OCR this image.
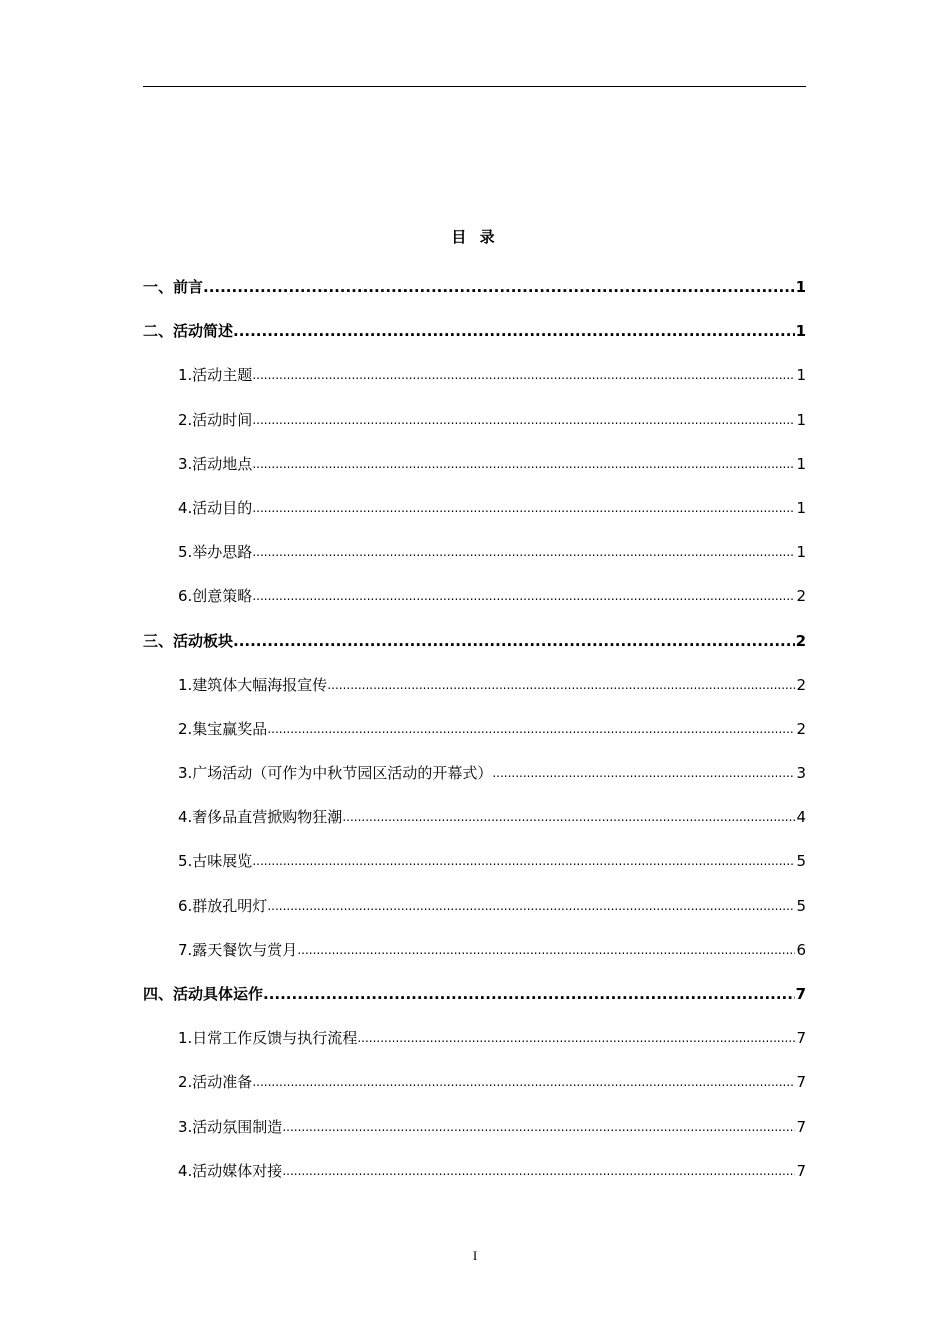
目 录
一、前言 .....	1
二、活动简述 .....	1
1.活动主题 .....	1
2.活动时间 .....	1
3.活动地点 .....	1
4.活动目的 .....	1
5.举办思路 .....	1
6.创意策略 .....	2
三、活动板块 .....	2
1.建筑体大幅海报宣传 .....	2
2.集宝赢奖品 .....	2
3.广场活动（可作为中秋节园区活动的开幕式） .....	3
4.奢侈品直营掀购物狂潮 .....	4
5.古味展览 .....	5
6.群放孔明灯 .....	5
7.露天餐饮与赏月 .....	6
四、活动具体运作 .....	7
1.日常工作反馈与执行流程 .....	7
2.活动准备 .....	7
3.活动氛围制造 .....	7
4.活动媒体对接 .....	7
I
